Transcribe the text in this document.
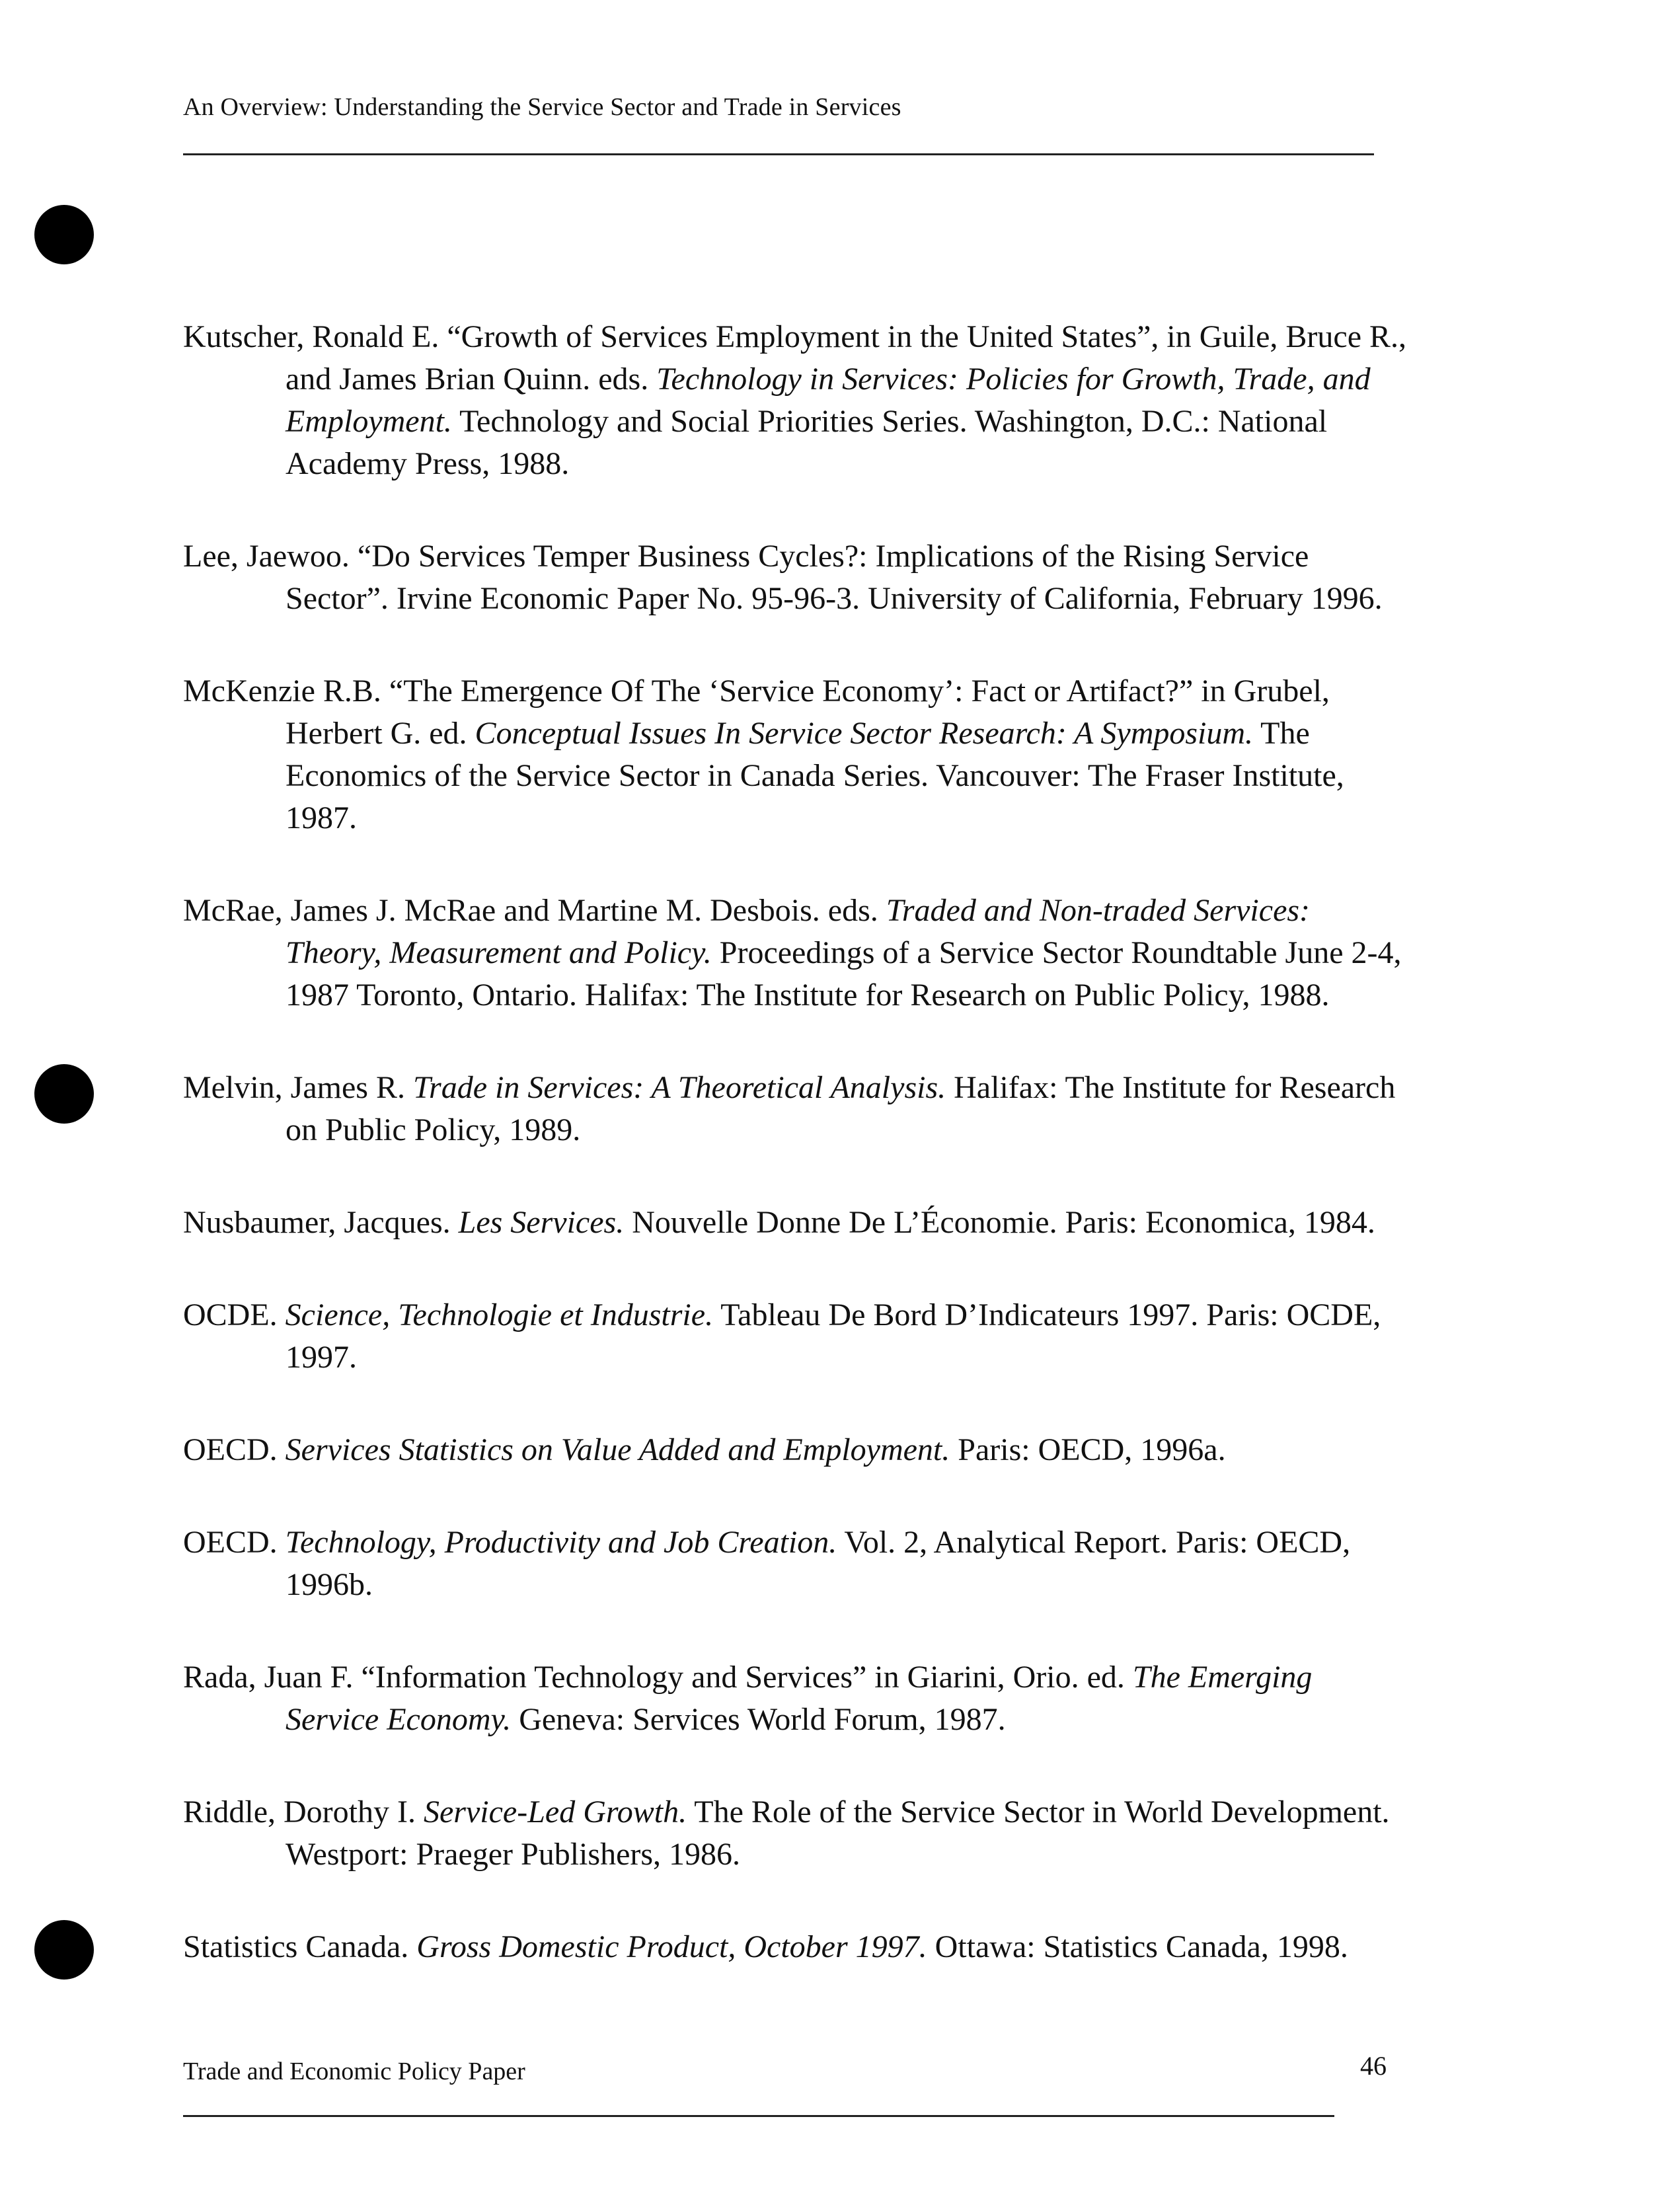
An Overview: Understanding the Service Sector and Trade in Services

Kutscher, Ronald E. “Growth of Services Employment in the United States”, in Guile, Bruce R., and James Brian Quinn. eds. Technology in Services: Policies for Growth, Trade, and Employment. Technology and Social Priorities Series. Washington, D.C.: National Academy Press, 1988.

Lee, Jaewoo. “Do Services Temper Business Cycles?: Implications of the Rising Service Sector”. Irvine Economic Paper No. 95-96-3. University of California, February 1996.

McKenzie R.B. “The Emergence Of The ‘Service Economy’: Fact or Artifact?” in Grubel, Herbert G. ed. Conceptual Issues In Service Sector Research: A Symposium. The Economics of the Service Sector in Canada Series. Vancouver: The Fraser Institute, 1987.

McRae, James J. McRae and Martine M. Desbois. eds. Traded and Non-traded Services: Theory, Measurement and Policy. Proceedings of a Service Sector Roundtable June 2-4, 1987 Toronto, Ontario. Halifax: The Institute for Research on Public Policy, 1988.

Melvin, James R. Trade in Services: A Theoretical Analysis. Halifax: The Institute for Research on Public Policy, 1989.

Nusbaumer, Jacques. Les Services. Nouvelle Donne De L’Économie. Paris: Economica, 1984.

OCDE. Science, Technologie et Industrie. Tableau De Bord D’Indicateurs 1997. Paris: OCDE, 1997.

OECD. Services Statistics on Value Added and Employment. Paris: OECD, 1996a.

OECD. Technology, Productivity and Job Creation. Vol. 2, Analytical Report. Paris: OECD, 1996b.

Rada, Juan F. “Information Technology and Services” in Giarini, Orio. ed. The Emerging Service Economy. Geneva: Services World Forum, 1987.

Riddle, Dorothy I. Service-Led Growth. The Role of the Service Sector in World Development. Westport: Praeger Publishers, 1986.

Statistics Canada. Gross Domestic Product, October 1997. Ottawa: Statistics Canada, 1998.

Trade and Economic Policy Paper	46
